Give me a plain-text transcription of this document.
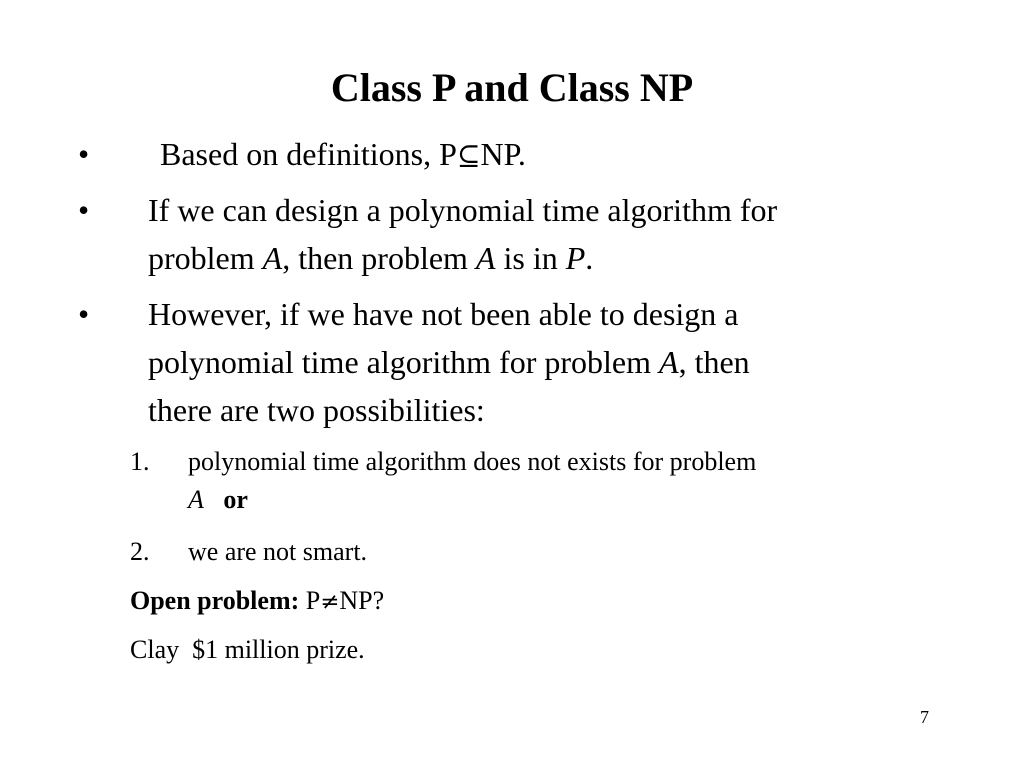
Class P and Class NP
•	Based on definitions, P⊆NP.
•	If we can design a polynomial time algorithm for
problem A, then problem A is in P.
•	However, if we have not been able to design a
polynomial time algorithm for problem A, then
there are two possibilities:
1. polynomial time algorithm does not exists for problem
A or
2. we are not smart.
Open problem: P≠NP?
Clay  $1 million prize.
7
